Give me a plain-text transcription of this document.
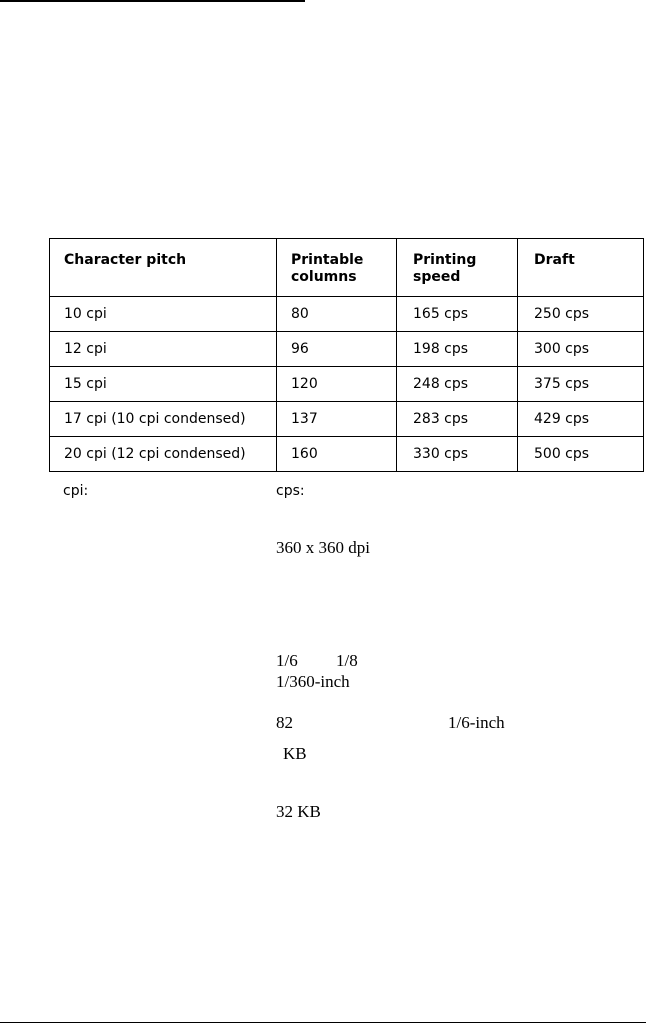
Character pitch	Printable columns	Printing speed	Draft
10 cpi	80	165 cps	250 cps
12 cpi	96	198 cps	300 cps
15 cpi	120	248 cps	375 cps
17 cpi (10 cpi condensed)	137	283 cps	429 cps
20 cpi (12 cpi condensed)	160	330 cps	500 cps
cpi:	cps:
360 x 360 dpi
1/6 1/8
1/360-inch
82	1/6-inch
KB
32 KB
